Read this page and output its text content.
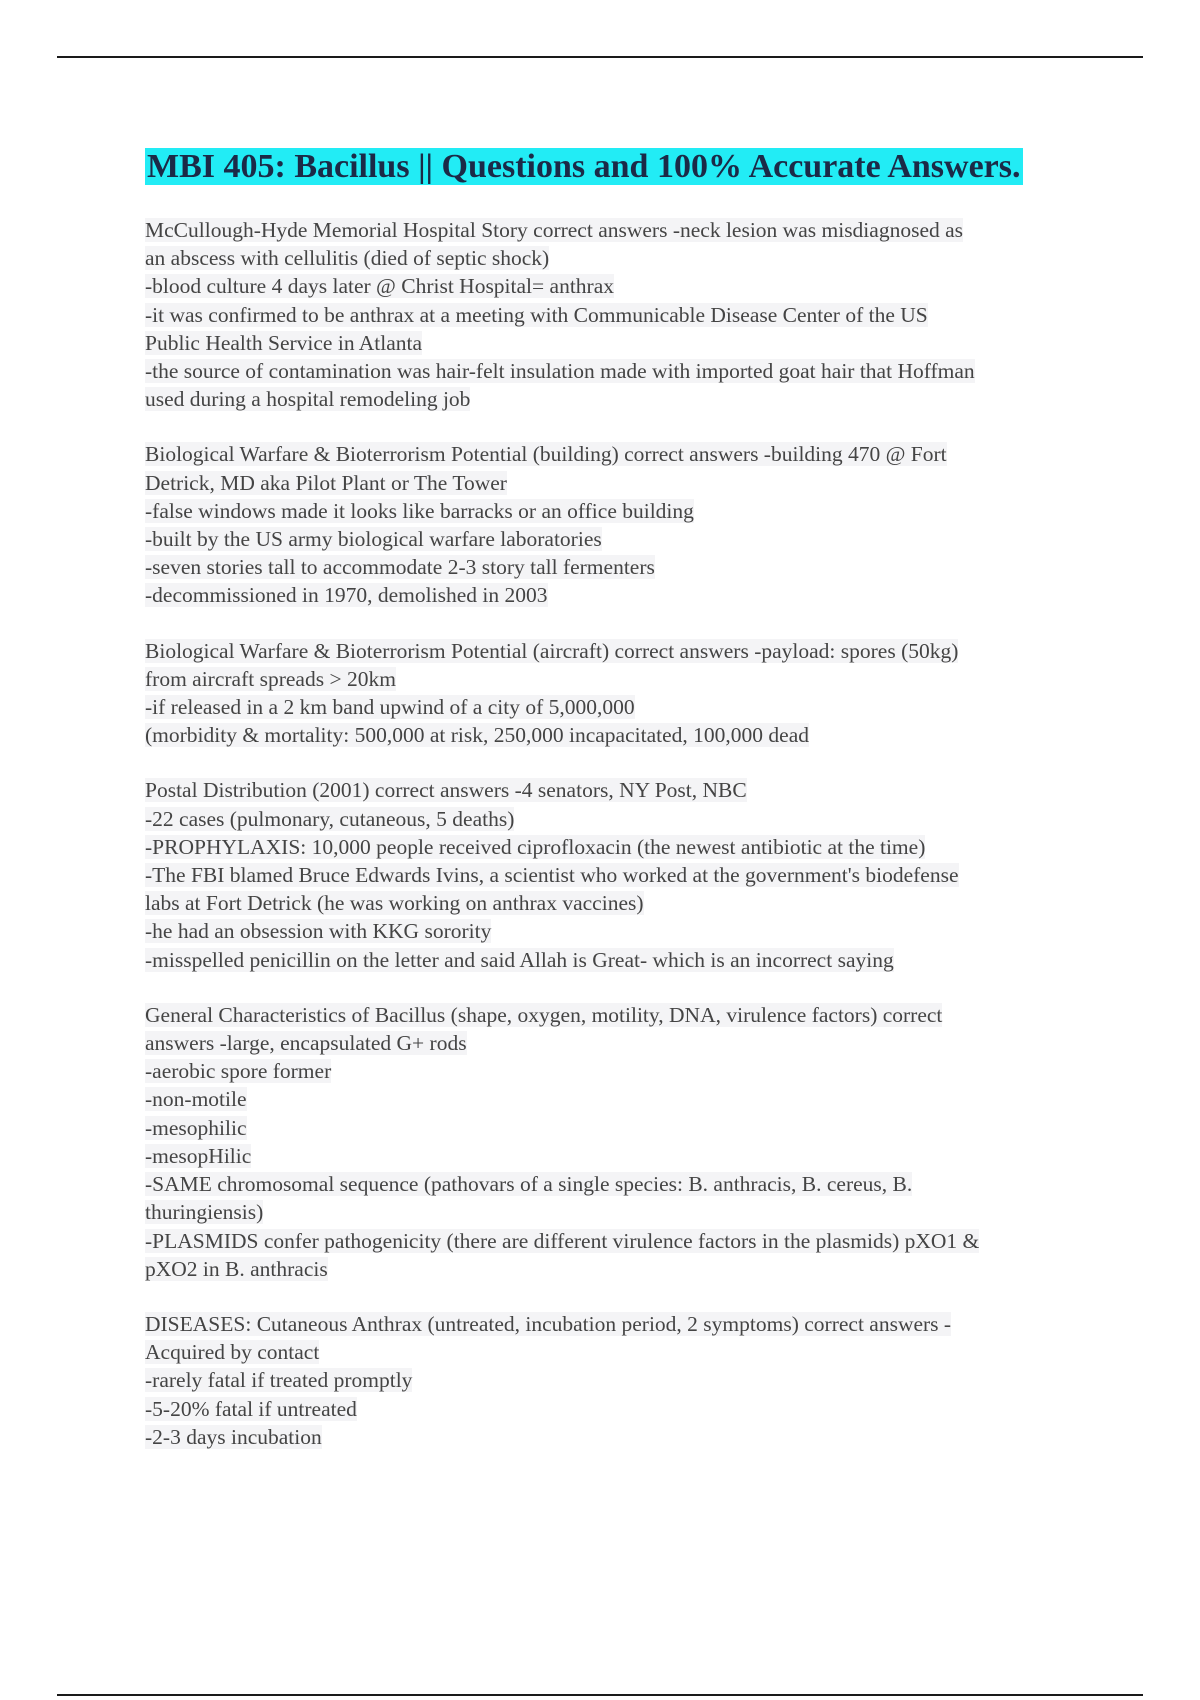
MBI 405: Bacillus || Questions and 100% Accurate Answers.
McCullough-Hyde Memorial Hospital Story correct answers -neck lesion was misdiagnosed as
an abscess with cellulitis (died of septic shock)
-blood culture 4 days later @ Christ Hospital= anthrax
-it was confirmed to be anthrax at a meeting with Communicable Disease Center of the US
Public Health Service in Atlanta
-the source of contamination was hair-felt insulation made with imported goat hair that Hoffman
used during a hospital remodeling job
Biological Warfare & Bioterrorism Potential (building) correct answers -building 470 @ Fort
Detrick, MD aka Pilot Plant or The Tower
-false windows made it looks like barracks or an office building
-built by the US army biological warfare laboratories
-seven stories tall to accommodate 2-3 story tall fermenters
-decommissioned in 1970, demolished in 2003
Biological Warfare & Bioterrorism Potential (aircraft) correct answers -payload: spores (50kg)
from aircraft spreads > 20km
-if released in a 2 km band upwind of a city of 5,000,000
(morbidity & mortality: 500,000 at risk, 250,000 incapacitated, 100,000 dead
Postal Distribution (2001) correct answers -4 senators, NY Post, NBC
-22 cases (pulmonary, cutaneous, 5 deaths)
-PROPHYLAXIS: 10,000 people received ciprofloxacin (the newest antibiotic at the time)
-The FBI blamed Bruce Edwards Ivins, a scientist who worked at the government's biodefense
labs at Fort Detrick (he was working on anthrax vaccines)
-he had an obsession with KKG sorority
-misspelled penicillin on the letter and said Allah is Great- which is an incorrect saying
General Characteristics of Bacillus (shape, oxygen, motility, DNA, virulence factors) correct
answers -large, encapsulated G+ rods
-aerobic spore former
-non-motile
-mesophilic
-mesopHilic
-SAME chromosomal sequence (pathovars of a single species: B. anthracis, B. cereus, B.
thuringiensis)
-PLASMIDS confer pathogenicity (there are different virulence factors in the plasmids) pXO1 &
pXO2 in B. anthracis
DISEASES: Cutaneous Anthrax (untreated, incubation period, 2 symptoms) correct answers -
Acquired by contact
-rarely fatal if treated promptly
-5-20% fatal if untreated
-2-3 days incubation
